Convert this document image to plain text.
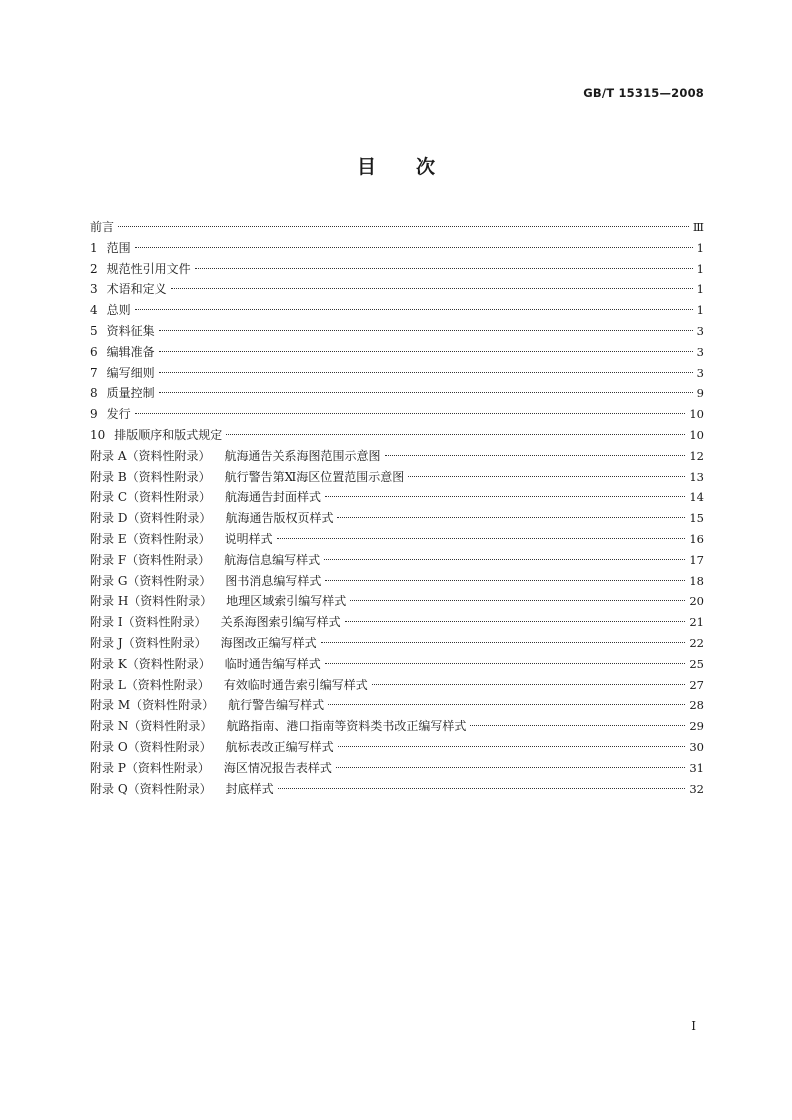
GB/T 15315—2008
目次
前言	Ⅲ
1 范围	1
2 规范性引用文件	1
3 术语和定义	1
4 总则	1
5 资料征集	3
6 编辑准备	3
7 编写细则	3
8 质量控制	9
9 发行	10
10 排版顺序和版式规定	10
附录 A（资料性附录） 航海通告关系海图范围示意图	12
附录 B（资料性附录） 航行警告第Ⅺ海区位置范围示意图	13
附录 C（资料性附录） 航海通告封面样式	14
附录 D（资料性附录） 航海通告版权页样式	15
附录 E（资料性附录） 说明样式	16
附录 F（资料性附录） 航海信息编写样式	17
附录 G（资料性附录） 图书消息编写样式	18
附录 H（资料性附录） 地理区域索引编写样式	20
附录 I（资料性附录） 关系海图索引编写样式	21
附录 J（资料性附录） 海图改正编写样式	22
附录 K（资料性附录） 临时通告编写样式	25
附录 L（资料性附录） 有效临时通告索引编写样式	27
附录 M（资料性附录） 航行警告编写样式	28
附录 N（资料性附录） 航路指南、港口指南等资料类书改正编写样式	29
附录 O（资料性附录） 航标表改正编写样式	30
附录 P（资料性附录） 海区情况报告表样式	31
附录 Q（资料性附录） 封底样式	32
I
